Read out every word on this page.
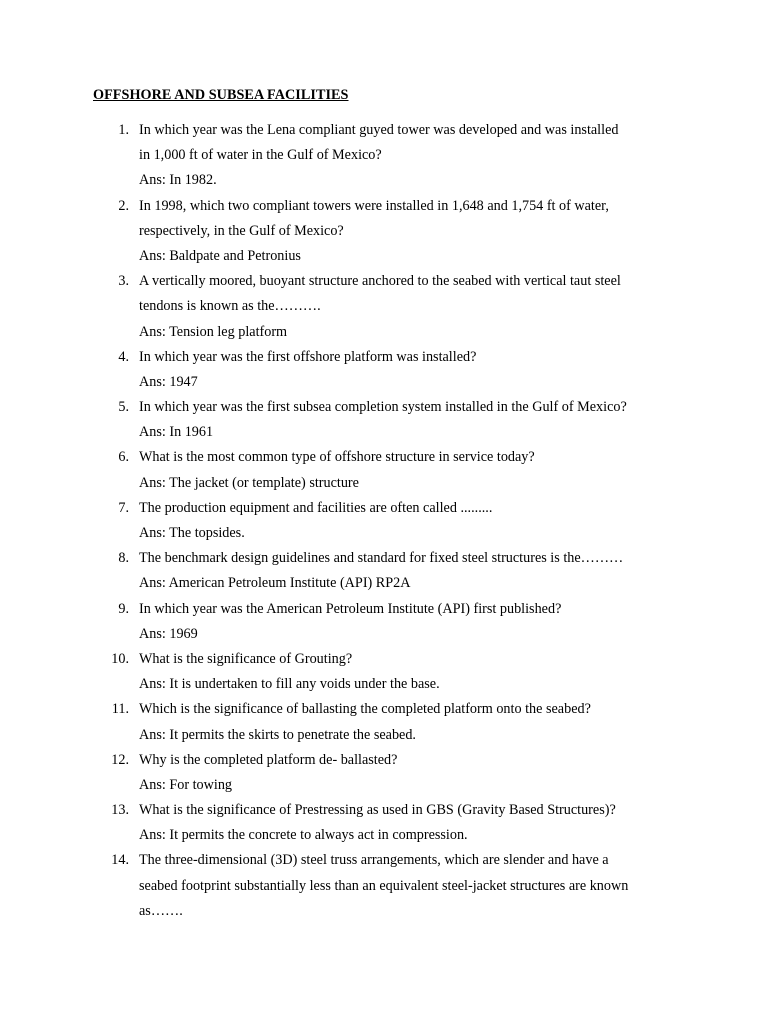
OFFSHORE AND SUBSEA FACILITIES
1. In which year was the Lena compliant guyed tower was developed and was installed
in 1,000 ft of water in the Gulf of Mexico?
Ans: In 1982.
2. In 1998, which two compliant towers were installed in 1,648 and 1,754 ft of water,
respectively, in the Gulf of Mexico?
Ans: Baldpate and Petronius
3. A vertically moored, buoyant structure anchored to the seabed with vertical taut steel
tendons is known as the……….
Ans: Tension leg platform
4. In which year was the first offshore platform was installed?
Ans: 1947
5. In which year was the first subsea completion system installed in the Gulf of Mexico?
Ans: In 1961
6. What is the most common type of offshore structure in service today?
Ans: The jacket (or template) structure
7. The production equipment and facilities are often called .........
Ans: The topsides.
8. The benchmark design guidelines and standard for fixed steel structures is the………
Ans: American Petroleum Institute (API) RP2A
9. In which year was the American Petroleum Institute (API) first published?
Ans: 1969
10. What is the significance of Grouting?
Ans: It is undertaken to fill any voids under the base.
11. Which is the significance of ballasting the completed platform onto the seabed?
Ans: It permits the skirts to penetrate the seabed.
12. Why is the completed platform de- ballasted?
Ans: For towing
13. What is the significance of Prestressing as used in GBS (Gravity Based Structures)?
Ans: It permits the concrete to always act in compression.
14. The three-dimensional (3D) steel truss arrangements, which are slender and have a
seabed footprint substantially less than an equivalent steel-jacket structures are known
as…….
